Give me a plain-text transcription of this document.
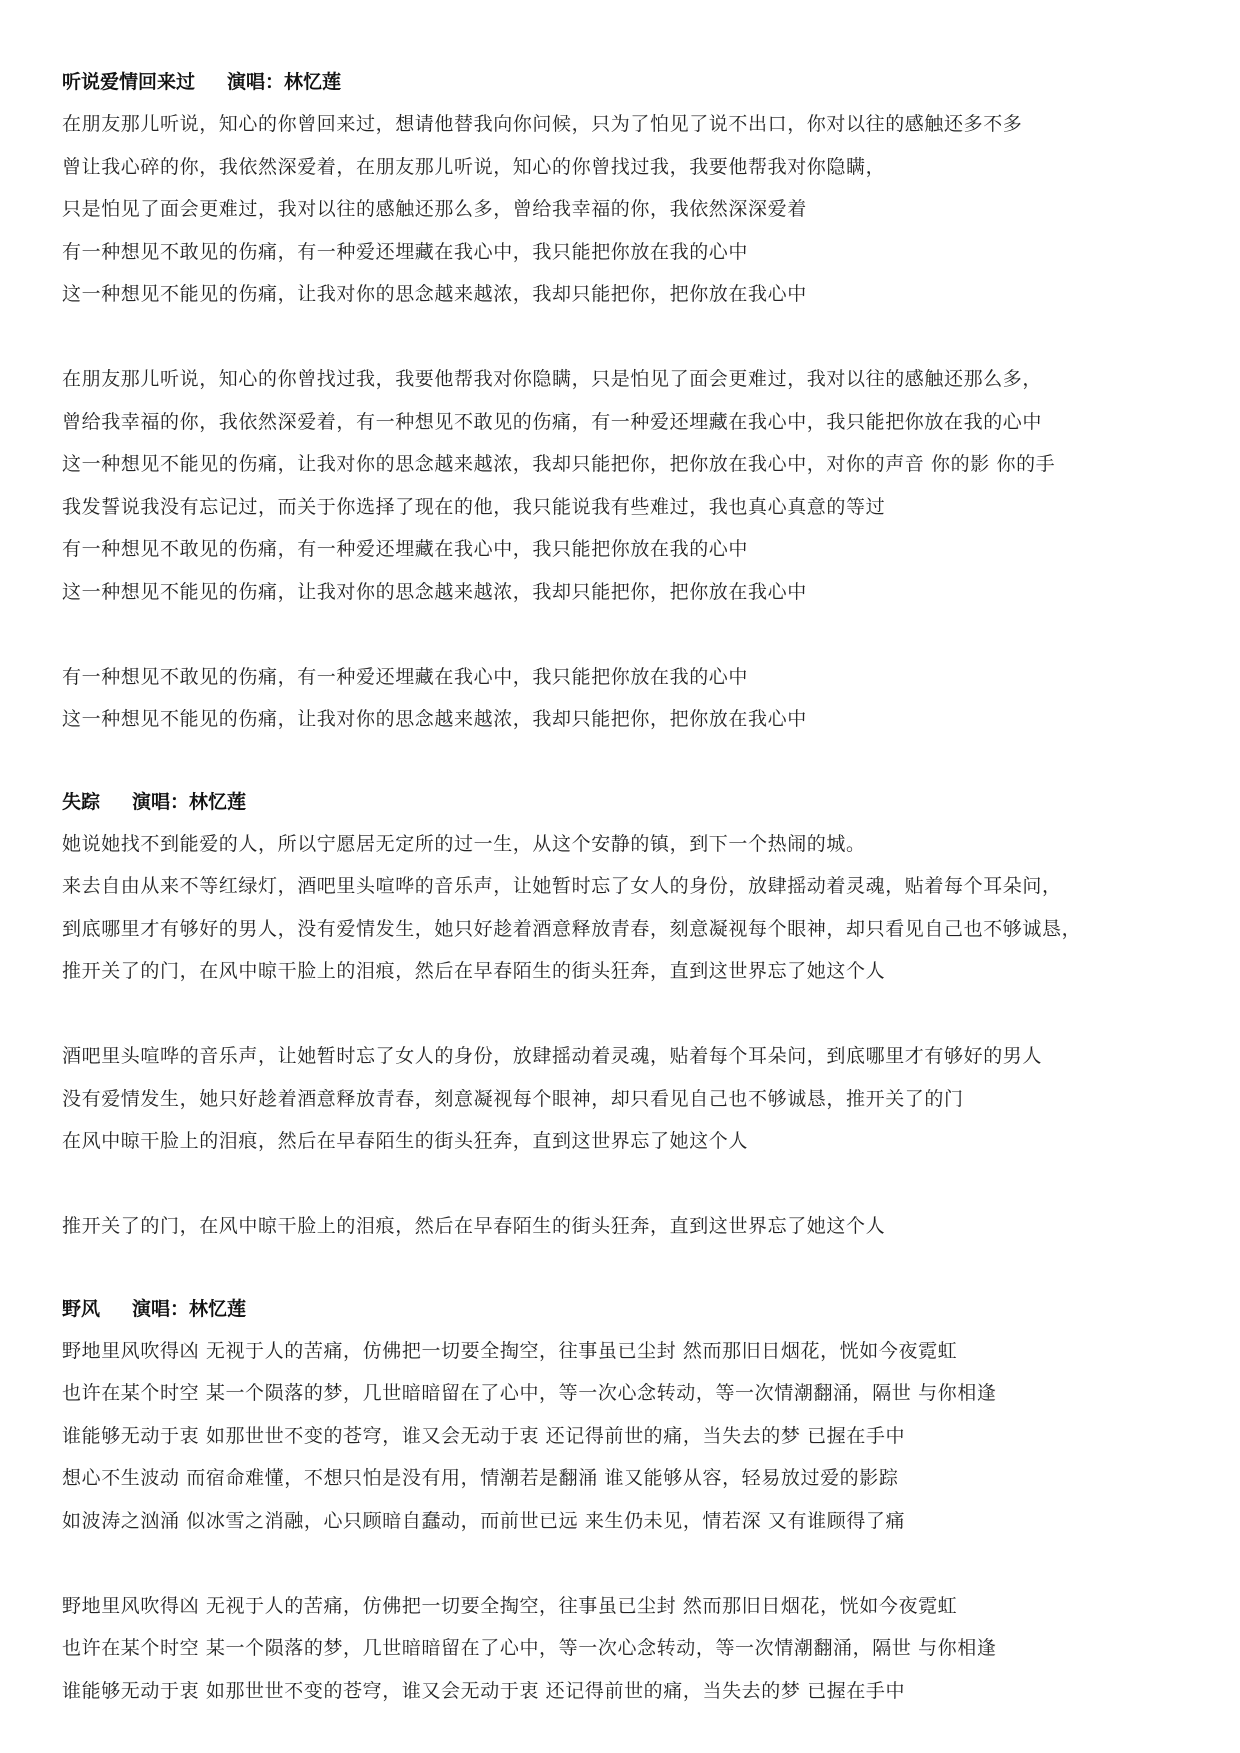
听说爱情回来过 演唱：林忆莲
在朋友那儿听说，知心的你曾回来过，想请他替我向你问候，只为了怕见了说不出口，你对以往的感触还多不多
曾让我心碎的你，我依然深爱着，在朋友那儿听说，知心的你曾找过我，我要他帮我对你隐瞒，
只是怕见了面会更难过，我对以往的感触还那么多，曾给我幸福的你，我依然深深爱着
有一种想见不敢见的伤痛，有一种爱还埋藏在我心中，我只能把你放在我的心中
这一种想见不能见的伤痛，让我对你的思念越来越浓，我却只能把你，把你放在我心中
在朋友那儿听说，知心的你曾找过我，我要他帮我对你隐瞒，只是怕见了面会更难过，我对以往的感触还那么多，
曾给我幸福的你，我依然深爱着，有一种想见不敢见的伤痛，有一种爱还埋藏在我心中，我只能把你放在我的心中
这一种想见不能见的伤痛，让我对你的思念越来越浓，我却只能把你，把你放在我心中，对你的声音 你的影 你的手
我发誓说我没有忘记过，而关于你选择了现在的他，我只能说我有些难过，我也真心真意的等过
有一种想见不敢见的伤痛，有一种爱还埋藏在我心中，我只能把你放在我的心中
这一种想见不能见的伤痛，让我对你的思念越来越浓，我却只能把你，把你放在我心中
有一种想见不敢见的伤痛，有一种爱还埋藏在我心中，我只能把你放在我的心中
这一种想见不能见的伤痛，让我对你的思念越来越浓，我却只能把你，把你放在我心中
失踪 演唱：林忆莲
她说她找不到能爱的人，所以宁愿居无定所的过一生，从这个安静的镇，到下一个热闹的城。
来去自由从来不等红绿灯，酒吧里头喧哗的音乐声，让她暂时忘了女人的身份，放肆摇动着灵魂，贴着每个耳朵问，
到底哪里才有够好的男人，没有爱情发生，她只好趁着酒意释放青春，刻意凝视每个眼神，却只看见自己也不够诚恳，
推开关了的门，在风中晾干脸上的泪痕，然后在早春陌生的街头狂奔，直到这世界忘了她这个人
酒吧里头喧哗的音乐声，让她暂时忘了女人的身份，放肆摇动着灵魂，贴着每个耳朵问，到底哪里才有够好的男人
没有爱情发生，她只好趁着酒意释放青春，刻意凝视每个眼神，却只看见自己也不够诚恳，推开关了的门
在风中晾干脸上的泪痕，然后在早春陌生的街头狂奔，直到这世界忘了她这个人
推开关了的门，在风中晾干脸上的泪痕，然后在早春陌生的街头狂奔，直到这世界忘了她这个人
野风 演唱：林忆莲
野地里风吹得凶 无视于人的苦痛，仿佛把一切要全掏空，往事虽已尘封 然而那旧日烟花，恍如今夜霓虹
也许在某个时空 某一个陨落的梦，几世暗暗留在了心中，等一次心念转动，等一次情潮翻涌，隔世 与你相逢
谁能够无动于衷 如那世世不变的苍穹，谁又会无动于衷 还记得前世的痛，当失去的梦 已握在手中
想心不生波动 而宿命难懂，不想只怕是没有用，情潮若是翻涌 谁又能够从容，轻易放过爱的影踪
如波涛之汹涌 似冰雪之消融，心只顾暗自蠢动，而前世已远 来生仍未见，情若深 又有谁顾得了痛
野地里风吹得凶 无视于人的苦痛，仿佛把一切要全掏空，往事虽已尘封 然而那旧日烟花，恍如今夜霓虹
也许在某个时空 某一个陨落的梦，几世暗暗留在了心中，等一次心念转动，等一次情潮翻涌，隔世 与你相逢
谁能够无动于衷 如那世世不变的苍穹，谁又会无动于衷 还记得前世的痛，当失去的梦 已握在手中
